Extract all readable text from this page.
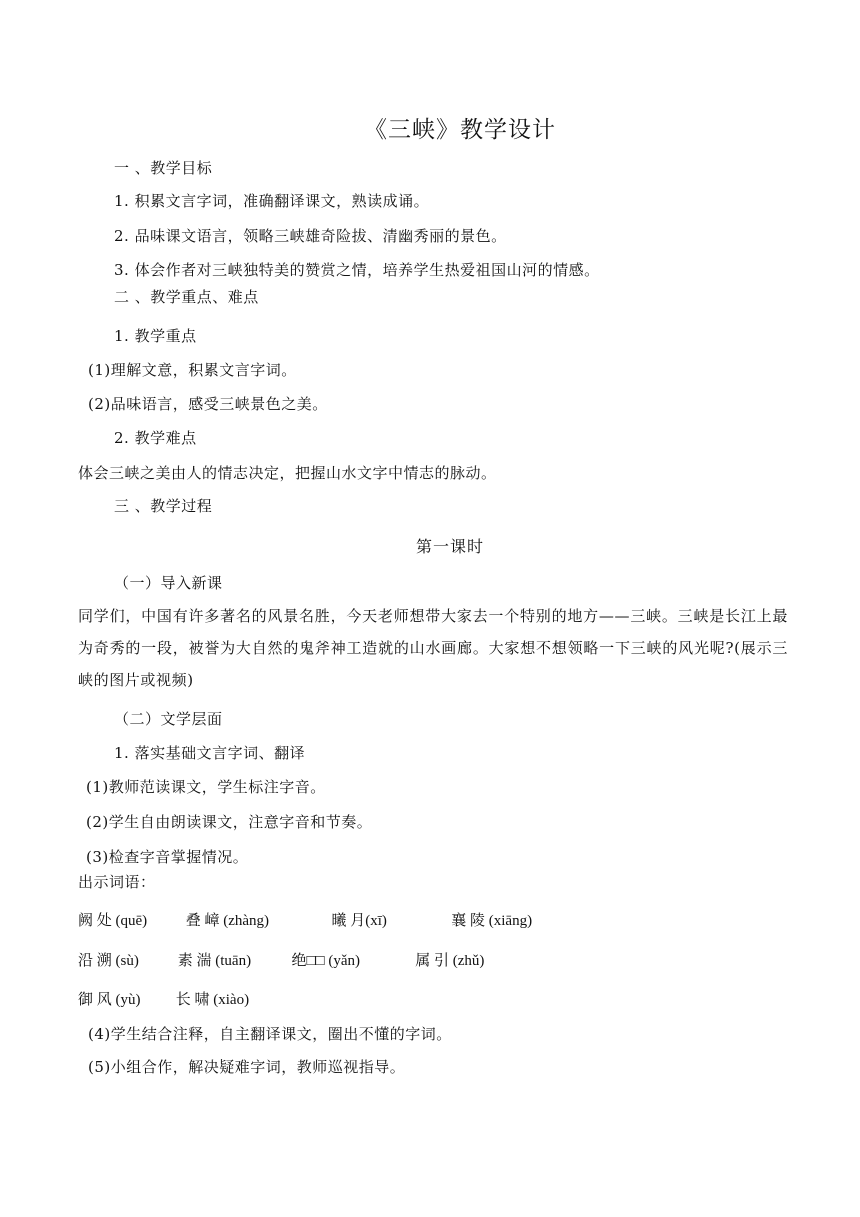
《三峡》教学设计
一 、教学目标
1. 积累文言字词，准确翻译课文，熟读成诵。
2. 品味课文语言，领略三峡雄奇险拔、清幽秀丽的景色。
3. 体会作者对三峡独特美的赞赏之情，培养学生热爱祖国山河的情感。
二 、教学重点、难点
1. 教学重点
(1)理解文意，积累文言字词。
(2)品味语言，感受三峡景色之美。
2. 教学难点
体会三峡之美由人的情志决定，把握山水文字中情志的脉动。
三 、教学过程
第一课时
（一）导入新课
同学们，中国有许多著名的风景名胜，今天老师想带大家去一个特别的地方——三峡。三峡是长江上最为奇秀的一段，被誉为大自然的鬼斧神工造就的山水画廊。大家想不想领略一下三峡的风光呢?(展示三峡的图片或视频)
（二）文学层面
1. 落实基础文言字词、翻译
(1)教师范读课文，学生标注字音。
(2)学生自由朗读课文，注意字音和节奏。
(3)检查字音掌握情况。
出示词语：
阙 处 (quē)	叠 嶂 (zhàng)	曦 月(xī)	襄 陵 (xiāng)
沿 溯 (sù)	素 湍 (tuān)	绝□□ (yǎn)	属 引 (zhǔ)
御 风 (yù) 长 啸 (xiào)
(4)学生结合注释，自主翻译课文，圈出不懂的字词。
(5)小组合作，解决疑难字词，教师巡视指导。
